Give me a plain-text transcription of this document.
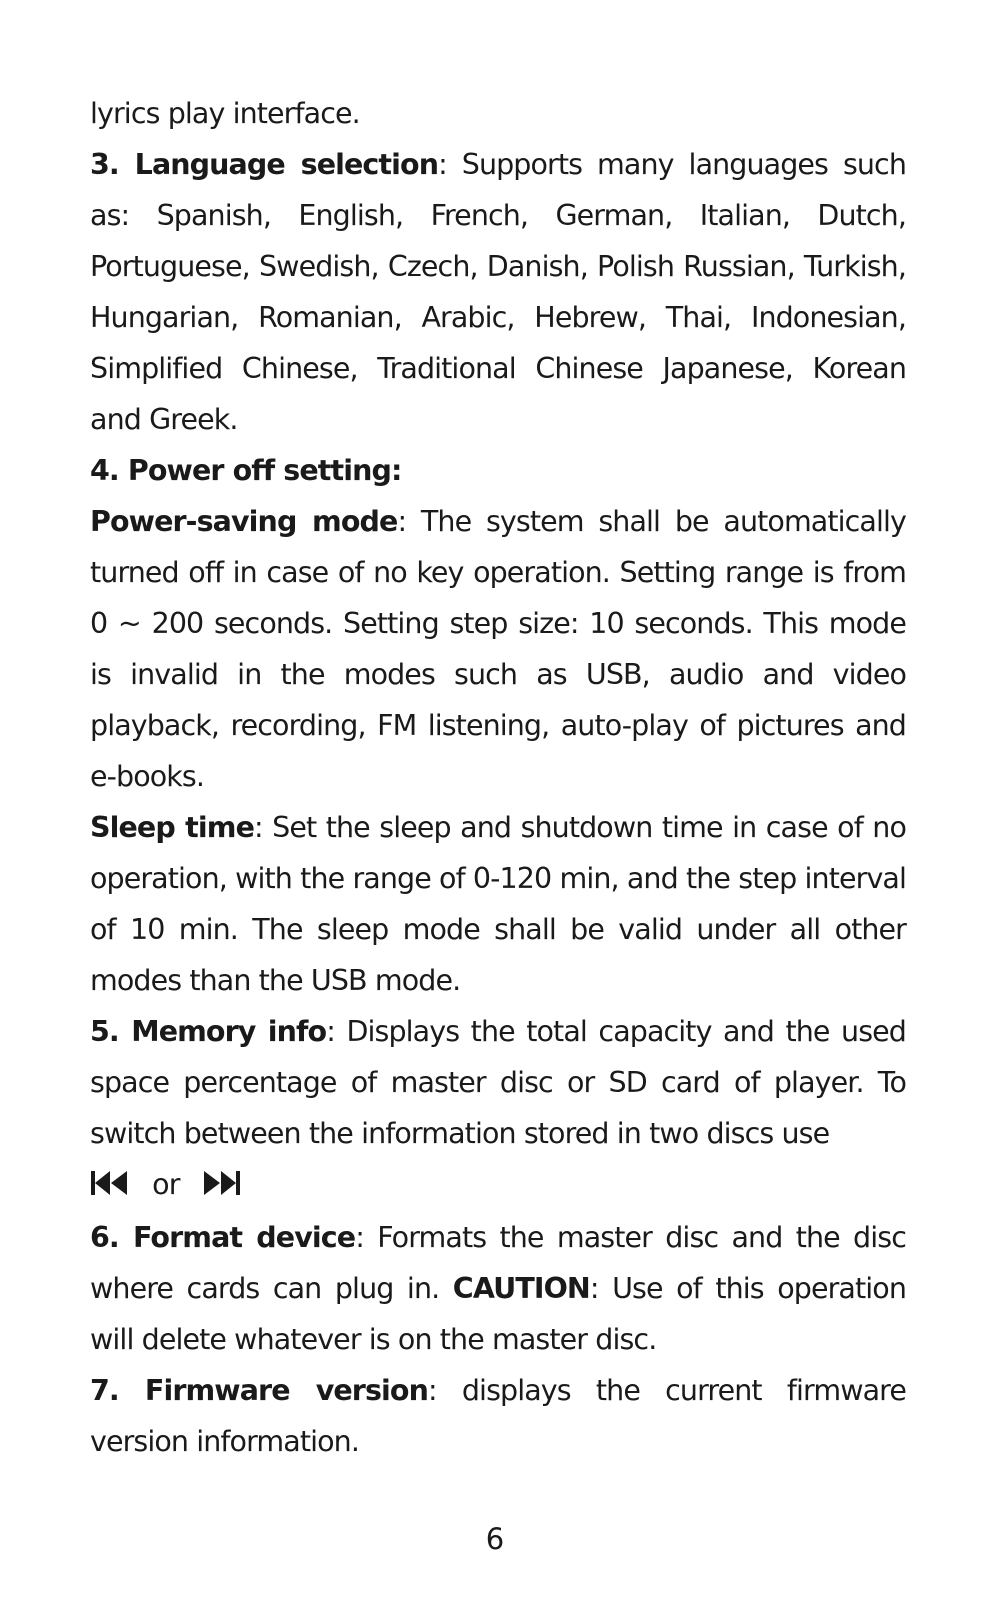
lyrics play interface.

3. Language selection: Supports many languages such as: Spanish, English, French, German, Italian, Dutch, Portuguese, Swedish, Czech, Danish, Polish Russian, Turkish, Hungarian, Romanian, Arabic, Hebrew, Thai, Indonesian, Simplified Chinese, Traditional Chinese Japanese, Korean and Greek.

4. Power off setting:

Power-saving mode: The system shall be automatically turned off in case of no key operation. Setting range is from 0 ~ 200 seconds. Setting step size: 10 seconds. This mode is invalid in the modes such as USB, audio and video playback, recording, FM listening, auto-play of pictures and e-books.

Sleep time: Set the sleep and shutdown time in case of no operation, with the range of 0-120 min, and the step interval of 10 min. The sleep mode shall be valid under all other modes than the USB mode.

5. Memory info: Displays the total capacity and the used space percentage of master disc or SD card of player. To switch between the information stored in two discs use

or

6. Format device: Formats the master disc and the disc where cards can plug in. CAUTION: Use of this operation will delete whatever is on the master disc.

7. Firmware version: displays the current firmware version information.

6
